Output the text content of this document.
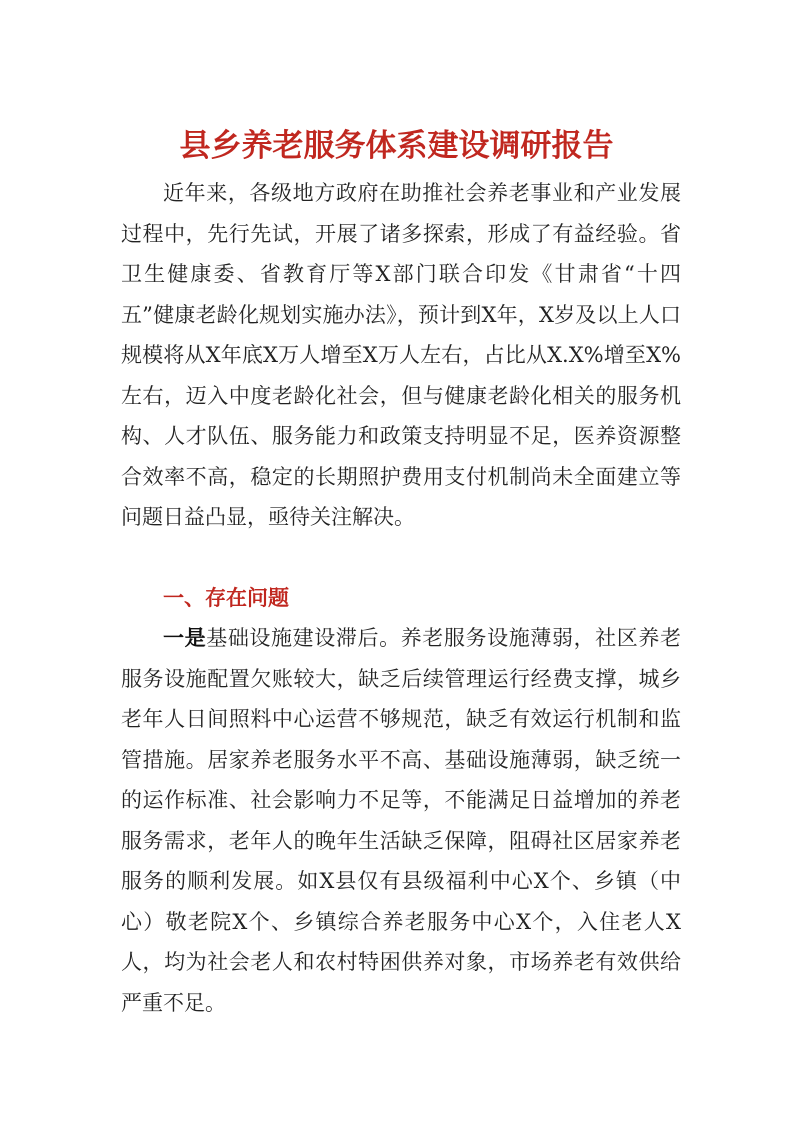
县乡养老服务体系建设调研报告

近年来，各级地方政府在助推社会养老事业和产业发展过程中，先行先试，开展了诸多探索，形成了有益经验。省卫生健康委、省教育厅等X部门联合印发《甘肃省“十四五”健康老龄化规划实施办法》，预计到X年，X岁及以上人口规模将从X年底X万人增至X万人左右，占比从X.X%增至X%左右，迈入中度老龄化社会，但与健康老龄化相关的服务机构、人才队伍、服务能力和政策支持明显不足，医养资源整合效率不高，稳定的长期照护费用支付机制尚未全面建立等问题日益凸显，亟待关注解决。

一、存在问题

一是基础设施建设滞后。养老服务设施薄弱，社区养老服务设施配置欠账较大，缺乏后续管理运行经费支撑，城乡老年人日间照料中心运营不够规范，缺乏有效运行机制和监管措施。居家养老服务水平不高、基础设施薄弱，缺乏统一的运作标准、社会影响力不足等，不能满足日益增加的养老服务需求，老年人的晚年生活缺乏保障，阻碍社区居家养老服务的顺利发展。如X县仅有县级福利中心X个、乡镇（中心）敬老院X个、乡镇综合养老服务中心X个，入住老人X人，均为社会老人和农村特困供养对象，市场养老有效供给严重不足。
